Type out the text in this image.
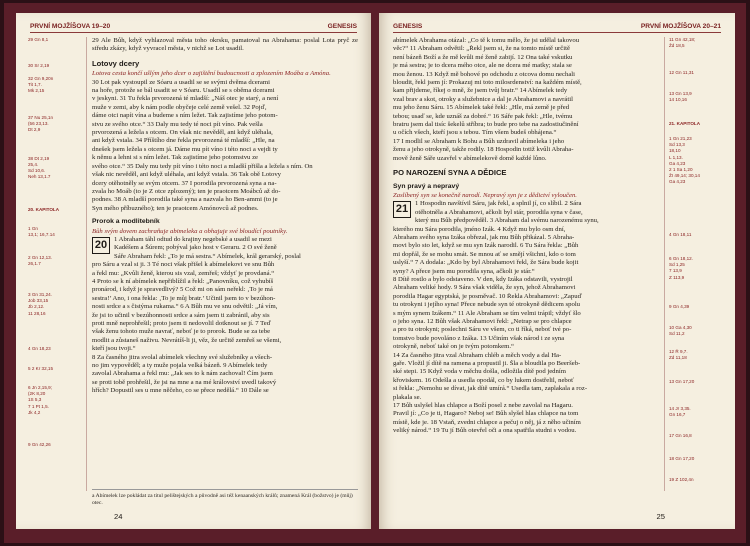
PRVNÍ MOJŽÍŠOVA 19–20	GENESIS
29 Gn 8,1
30 Sr 2,19
32 Gn 9,20n
Tit 1,7.
Mk 2,15
37 Nu 25,1n
(56 23,13.
Dt 2,9
38 Dt 2,19
25,4.
Sd 10,6.
Neh 13,1.7
20. KAPITOLA
1 Gn
13,1; 16,7.14
2 Gn 12,13.
26,1.7
3 Gn 31,24.
Job 33,15
Jb 2,12.
11 28,16
4 Gn 18,23
5 2 Kr 32,15
6 Jn 2,15,9;
(2K 8,20
1S 5,3
7 1 Pt 1,5.
Jk 4,2
9 Gn 42,26

29 Ale Bůh, když vyhlazoval města toho okrsku, pamatoval na Abrahama: poslal Lota pryč ze středu zkázy, když vyvracel města, v nichž se Lot usadil.

Lotovy dcery

Lotova cesta končí ušlým jeho dcer o zajištění budoucnosti a zplozením Moába a Amóna.

30 Lot pak vystoupil ze Sóaru a usadil se se svými dvěma dcerami
na hoře, protože se bál usadit se v Sóaru. Usadil se s oběma dcerami
v jeskyni. 31 Tu řekla prvorozená té mladší: „Náš otec je starý, a není
muže v zemi, aby k nám podle obyčeje celé země vešel. 32 Pojď,
dáme otci napít vína a budeme s ním ležet. Tak zajistíme jeho potom-
stvu ze svého otce.“ 33 Daly mu tedy té noci pít víno. Pak vešla
prvorozená a ležela s otcem. On však nic nevěděl, ani když uléhala,
ani když vstala. 34 Příštího dne řekla prvorozená té mladší: „Hle, na
dnešek jsem ležela s otcem já. Dáme mu pít víno i této noci a vejdi ty
k němu a lehni si s ním ležet. Tak zajistíme jeho potomstvu ze
svého otce.“ 35 Daly mu tedy pít víno i této noci a mladší přišla a ležela s ním. On
však nic nevěděl, ani když uléhala, ani když vstala. 36 Tak obě Lotovy
dcery otěhotněly se svým otcem. 37 I porodila prvorozená syna a na-
zvala ho Moáb (to je Z otce zplozený); ten je praotcem Moábců až do-
podnes. 38 A mladší porodila také syna a nazvala ho Ben-ammi (to je
Syn mého příbuzného); ten je praotcem Amónovců až podnes.
Prorok a modlitebník

Bůh svým dovem zachraňuje abimeleka a obhajuje své bloudící poutníky.

20	1 Abraham táhl odtud do krajiny negebské a usadil se mezi
Kadéšem a Šúrem; pobýval jako host v Geraru. 2 O své ženě
Sáře Abraham řekl: „To je má sestra.“ Abímelek, král gerarský, poslal
pro Sáru a vzal si ji. 3 Té noci však přišel k abímelekovi ve snu Bůh
a řekl mu: „Kvůli ženě, kterou sis vzal, zemřeš; vždyť je provdaná.“
4 Proto se k ní abímelek nepřiblížil a řekl: „Panovníku, což vyhubíš
pronárod, i když je spravedlivý? 5 Což mi on sám neřekl: ‚To je má
sestra!’ Ano, i ona řekla: ‚To je můj bratr.’ Učinil jsem to v bezúhon-
nosti srdce a s čistýma rukama.“ 6 A Bůh mu ve snu odvětil: „Já vím,
že jsi to učinil v bezúhonnosti srdce a sám jsem ti zabránil, aby sis
proti mně neprohřešil; proto jsem ti nedovolil dotknout se jí. 7 Teď
však ženu tohoto muže navrať, neboť je to prorok. Bude se za tebe
modlit a zůstaneš naživu. Nevrátíš-li ji, věz, že určitě zemřeš se všemi,
kteří jsou tvoji.“
8 Za časného jitra svolal abímelek všechny své služebníky a všech-
no jim vypověděl; a ty muže pojala velká bázeň. 9 Abímelek tedy
zavolal Abrahama a řekl mu: „Jak ses to k nám zachoval! Čím jsem
se proti tobě prohřešil, že jsi na mne a na mé království uvedl takový
hřích? Dopustil ses u mne něčeho, co se přece nedělá.“ 10 Dále se
a Abímelek lze pokládat za titul pelištejských a původně asi též kenaanských králů; znamená Král (božstvo) je (můj) otec.
24
GENESIS	PRVNÍ MOJŽÍŠOVA 20–21
11 Gn 42,18;
Žd 18,5
12 Gn 11,31
13 Gn 13,9
14 10,16
21. KAPITOLA
1 Gn 21,23
Sd 13,3
18,10
L 1,13.
Ga 4,23
2 1 Sa 1,20
ŽI 49,14; 30,14
Ga 4,23
4 Gn 18,11
6 Gn 18,12.
Sd 1,25
7 13,9
Z 113,9
9 Gn 4,39
10 Ga 4,30
Sd 11,2
12 Ř 9,7.
Zd 11,18
13 Gn 17,20
14 Jr 3,35.
Gn 16,7
17 Gn 16,8
18 Gn 17,20
19 Z 102,4n
abímelek Abrahama otázal: „Co tě k tomu mělo, že jsi udělal takovou
věc?“ 11 Abraham odvětil: „Řekl jsem si, že na tomto místě určitě
není bázeň Boží a že mě kvůli mé ženě zabijí. 12 Ona také vskutku
je má sestra; je to dcera mého otce, ale ne dcera mé matky; stala se
mou ženou. 13 Když mě bohové po odchodu z otcova domu nechali
bloudit, řekl jsem jí: Prokazuj mi toto milosrdenství: na každém místě,
kam přijdeme, říkej o mně, že jsem tvůj bratr.“ 14 Abímelek tedy
vzal brav a skot, otroky a služebnice a dal je Abrahamovi a navrátil
mu jeho ženu Sáru. 15 Abímelek také řekl: „Hle, má země je před
tebou; usaď se, kde uznáš za dobré.“ 16 Sáře pak řekl: „Hle, tvému
bratru jsem dal tisíc šekelů stříbra; to bude pro tebe na zadostiučinění
u očích všech, kteří jsou s tebou. Tím všem budeš obhájena.“
17 I modlil se Abraham k Bohu a Bůh uzdravil abímeleka i jeho
ženu a jeho otrokyně, takže rodily. 18 Hospodin totiž kvůli Abraha-
mově ženě Sáře uzavřel v abímelekově domě každé lůno.
PO NAROZENÍ SYNA A DĚDICE
Syn pravý a nepravý

Zaslíbený syn se konečně narodí. Nepravý syn je z dědictví vyloučen.

21	1 Hospodin navštívil Sáru, jak řekl, a splnil jí, co slíbil. 2 Sára
otěhotněla a Abrahamovi, ačkoli byl stár, porodila syna v čase,
který mu Bůh předpověděl. 3 Abraham dal svému narozenému synu,
kterého mu Sára porodila, jméno Izák. 4 Když mu bylo osm dní,
Abraham svého syna Izáka obřezal, jak mu Bůh přikázal. 5 Abraha-
movi bylo sto let, když se mu syn Izák narodil. 6 Tu Sára řekla: „Bůh
mi dopřál, že se mohu smát. Se mnou ať se smějí všichni, kdo o tom
uslyší.“ 7 A dodala: „Kdo by byl Abrahamovi řekl, že Sára bude kojit
syny? A přece jsem mu porodila syna, ačkoli je stár.“
8 Dítě rostlo a bylo odstaveno. V den, kdy Izáka odstavili, vystrojil
Abraham veliké hody. 9 Sára však viděla, že syn, jehož Abrahamovi
porodila Hagar egyptská, je posměvač. 10 Řekla Abrahamovi: „Zapuď
tu otrokyni i jejího syna! Přece nebude syn té otrokyně dědicem spolu
s mým synem Izákem.“ 11 Ale Abraham se tím velmi trápil; vždyť šlo
o jeho syna. 12 Bůh však Abrahamovi řekl: „Netrap se pro chlapce
a pro tu otrokyni; poslechni Sáru ve všem, co ti říká, neboť tvé po-
tomstvo bude povoláno z Izáka. 13 Učiním však národ i ze syna
otrokyně, neboť také on je tvým potomkem.“
14 Za časného jitra vzal Abraham chléb a měch vody a dal Ha-
gaře. Vložil jí dítě na ramena a propustil ji. Šla a bloudila po Beeršeb-
ské stepi. 15 Když voda v měchu došla, odložila dítě pod jedním
křoviskem. 16 Odešla a usedla opodál, co by lukem dostřelil, neboť
si řekla: „Nemohu se dívat, jak dítě umírá.“ Usedla tam, zaplakala a roz-
plakala se.
17 Bůh uslyšel hlas chlapce a Boží posel z nebe zavolal na Hagaru.
Pravil jí: „Co je ti, Hagaro? Neboj se! Bůh slyšel hlas chlapce na tom
místě, kde je. 18 Vstaň, zvedni chlapce a pečuj o něj, já z něho učiním
veliký národ.“ 19 Tu jí Bůh otevřel oči a ona spatřila studni s vodou.
25
